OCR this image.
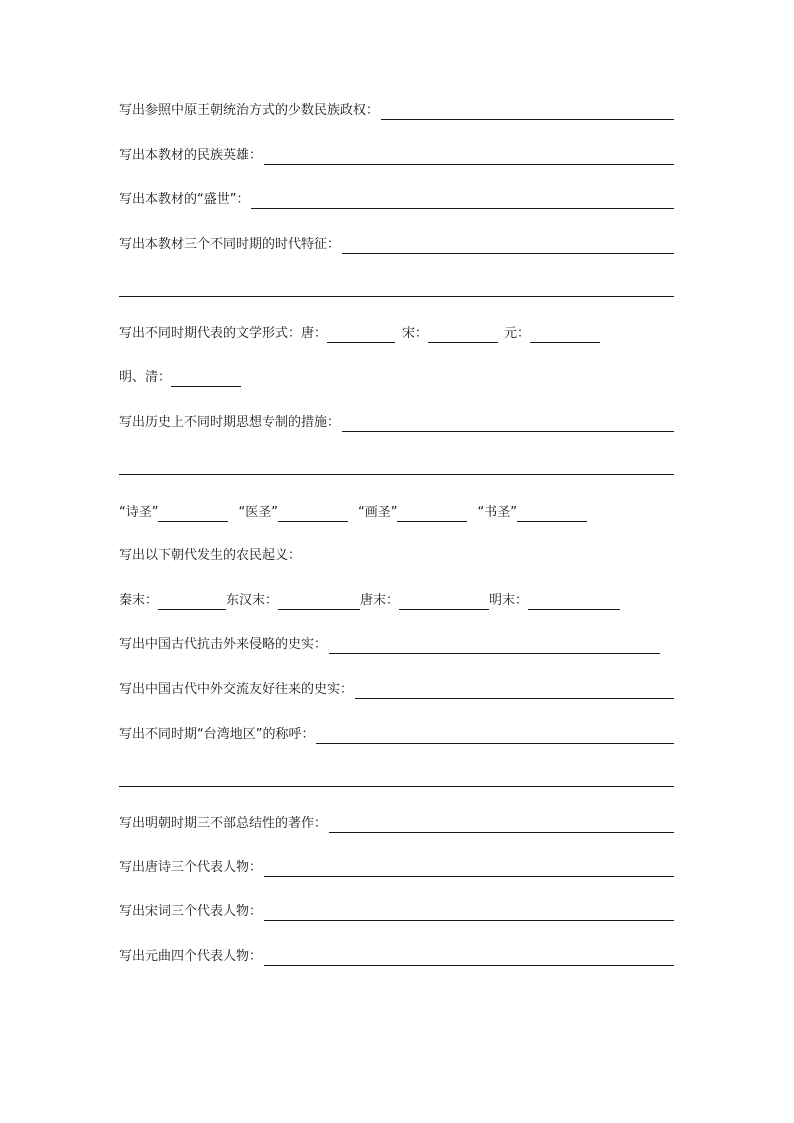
写出参照中原王朝统治方式的少数民族政权：
写出本教材的民族英雄：
写出本教材的“盛世”：
写出本教材三个不同时期的时代特征：
写出不同时期代表的文学形式： 唐：	宋：	元：
明、清：
写出历史上不同时期思想专制的措施：
“诗圣”	“医圣”	“画圣”	“书圣”
写出以下朝代发生的农民起义：
秦末：	东汉末：	唐末：	明末：
写出中国古代抗击外来侵略的史实：
写出中国古代中外交流友好往来的史实：
写出不同时期“台湾地区”的称呼：
写出明朝时期三不部总结性的著作：
写出唐诗三个代表人物：
写出宋词三个代表人物：
写出元曲四个代表人物：
